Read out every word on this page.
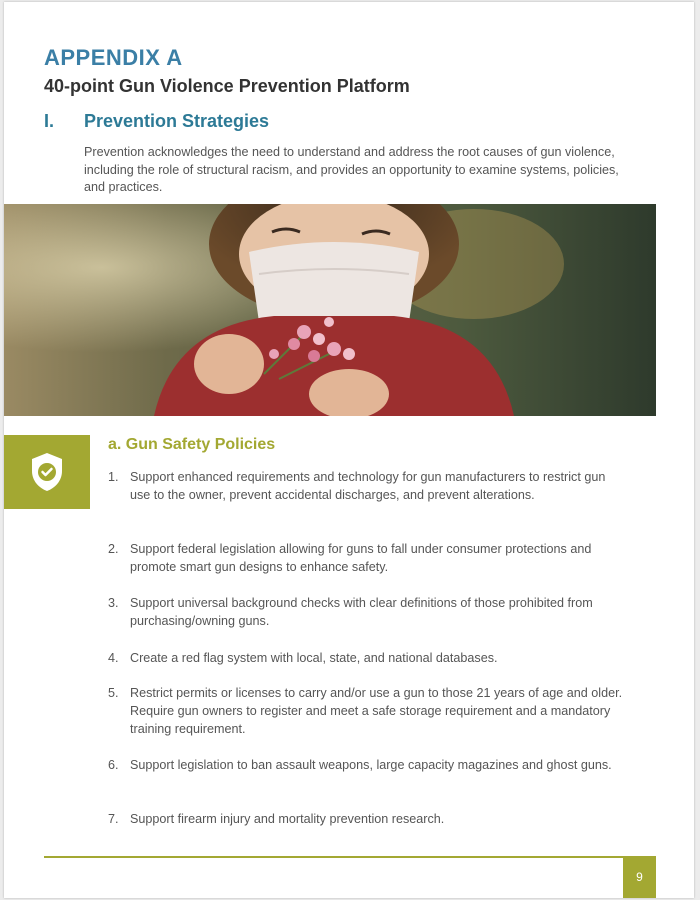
APPENDIX A
40-point Gun Violence Prevention Platform
I. Prevention Strategies

Prevention acknowledges the need to understand and address the root causes of gun violence, including the role of structural racism, and provides an opportunity to examine systems, policies, and practices.

a. Gun Safety Policies
1. Support enhanced requirements and technology for gun manufacturers to restrict gun use to the owner, prevent accidental discharges, and prevent alterations.
2. Support federal legislation allowing for guns to fall under consumer protections and promote smart gun designs to enhance safety.
3. Support universal background checks with clear definitions of those prohibited from purchasing/owning guns.
4. Create a red flag system with local, state, and national databases.
5. Restrict permits or licenses to carry and/or use a gun to those 21 years of age and older. Require gun owners to register and meet a safe storage requirement and a mandatory training requirement.
6. Support legislation to ban assault weapons, large capacity magazines and ghost guns.
7. Support firearm injury and mortality prevention research.
9
